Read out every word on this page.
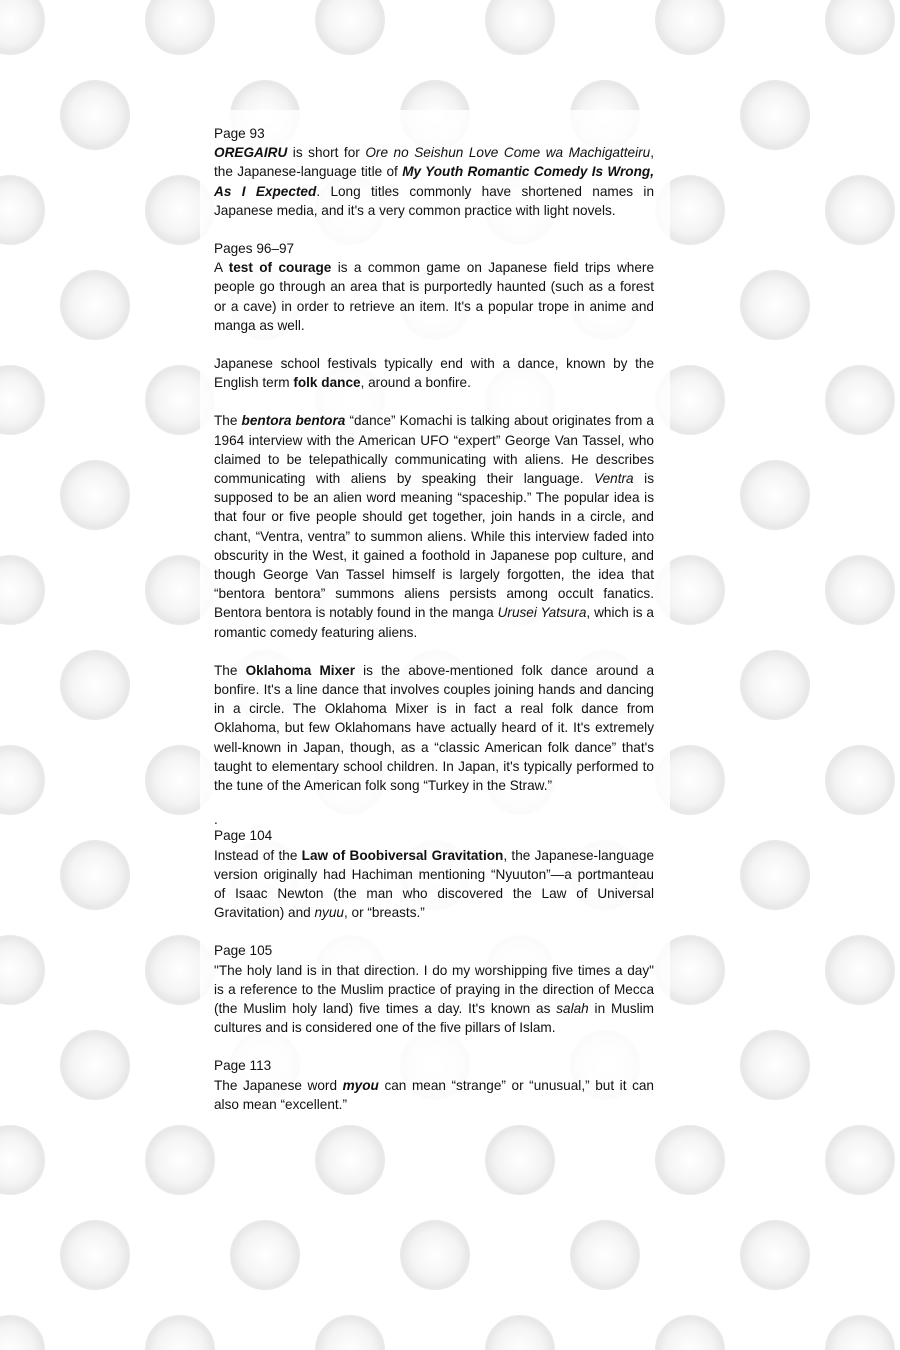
Page 93

OREGAIRU is short for Ore no Seishun Love Come wa Machigatteiru, the Japanese-language title of My Youth Romantic Comedy Is Wrong, As I Expected. Long titles commonly have shortened names in Japanese media, and it's a very common practice with light novels.

Pages 96–97

A test of courage is a common game on Japanese field trips where people go through an area that is purportedly haunted (such as a forest or a cave) in order to retrieve an item. It's a popular trope in anime and manga as well.

Japanese school festivals typically end with a dance, known by the English term folk dance, around a bonfire.

The bentora bentora “dance” Komachi is talking about originates from a 1964 interview with the American UFO “expert” George Van Tassel, who claimed to be telepathically communicating with aliens. He describes communicating with aliens by speaking their language. Ventra is supposed to be an alien word meaning “spaceship.” The popular idea is that four or five people should get together, join hands in a circle, and chant, “Ventra, ventra” to summon aliens. While this interview faded into obscurity in the West, it gained a foothold in Japanese pop culture, and though George Van Tassel himself is largely forgotten, the idea that “bentora bentora” summons aliens persists among occult fanatics. Bentora bentora is notably found in the manga Urusei Yatsura, which is a romantic comedy featuring aliens.

The Oklahoma Mixer is the above-mentioned folk dance around a bonfire. It's a line dance that involves couples joining hands and dancing in a circle. The Oklahoma Mixer is in fact a real folk dance from Oklahoma, but few Oklahomans have actually heard of it. It's extremely well-known in Japan, though, as a “classic American folk dance” that's taught to elementary school children. In Japan, it's typically performed to the tune of the American folk song “Turkey in the Straw.”

.
Page 104

Instead of the Law of Boobiversal Gravitation, the Japanese-language version originally had Hachiman mentioning “Nyuuton”—a portmanteau of Isaac Newton (the man who discovered the Law of Universal Gravitation) and nyuu, or “breasts.”

Page 105

"The holy land is in that direction. I do my worshipping five times a day" is a reference to the Muslim practice of praying in the direction of Mecca (the Muslim holy land) five times a day. It's known as salah in Muslim cultures and is considered one of the five pillars of Islam.

Page 113

The Japanese word myou can mean “strange” or “unusual,” but it can also mean “excellent.”
